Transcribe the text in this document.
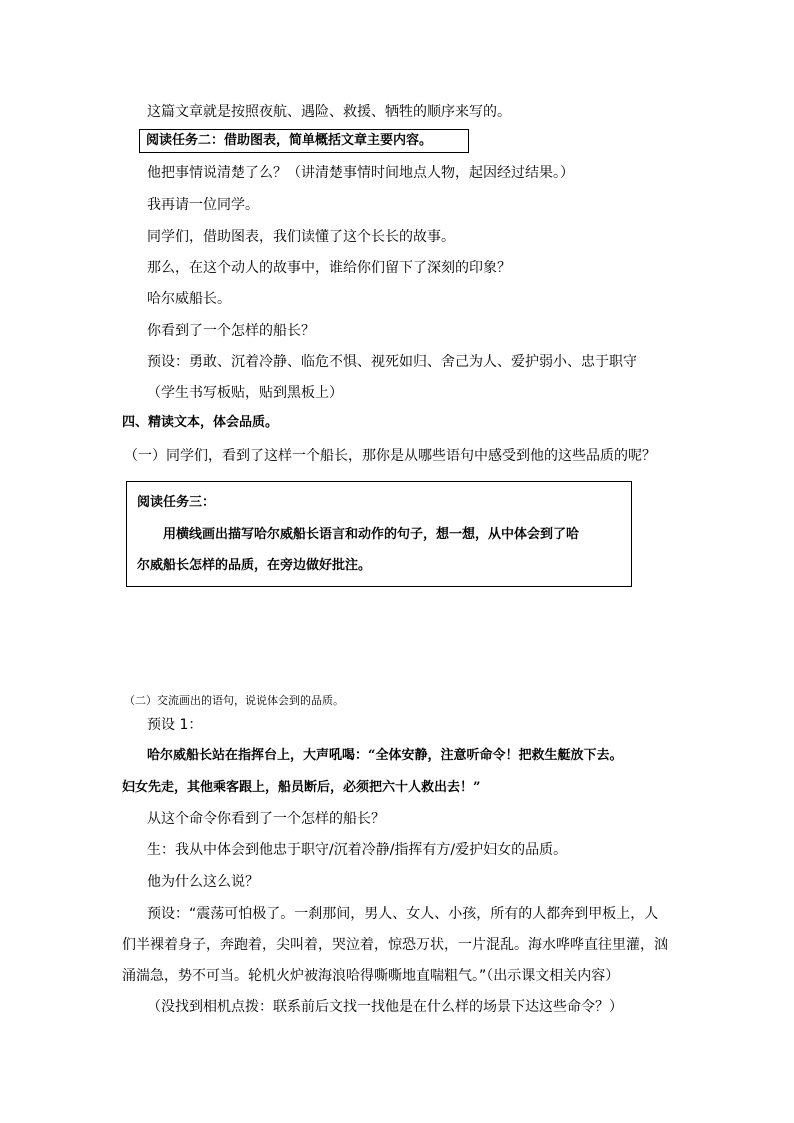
这篇文章就是按照夜航、遇险、救援、牺牲的顺序来写的。
阅读任务二：借助图表，简单概括文章主要内容。
他把事情说清楚了么？（讲清楚事情时间地点人物，起因经过结果。）
我再请一位同学。
同学们，借助图表，我们读懂了这个长长的故事。
那么，在这个动人的故事中，谁给你们留下了深刻的印象？
哈尔威船长。
你看到了一个怎样的船长？
预设：勇敢、沉着冷静、临危不惧、视死如归、舍己为人、爱护弱小、忠于职守
（学生书写板贴，贴到黑板上）
四、精读文本，体会品质。
（一）同学们，看到了这样一个船长，那你是从哪些语句中感受到他的这些品质的呢？
阅读任务三：
用横线画出描写哈尔威船长语言和动作的句子，想一想，从中体会到了哈
尔威船长怎样的品质，在旁边做好批注。
（二）交流画出的语句，说说体会到的品质。
预设 1：
哈尔威船长站在指挥台上，大声吼喝：“全体安静，注意听命令！把救生艇放下去。
妇女先走，其他乘客跟上，船员断后，必须把六十人救出去！”
从这个命令你看到了一个怎样的船长？
生：我从中体会到他忠于职守/沉着冷静/指挥有方/爱护妇女的品质。
他为什么这么说？
预设：“震荡可怕极了。一刹那间，男人、女人、小孩，所有的人都奔到甲板上，人
们半裸着身子，奔跑着，尖叫着，哭泣着，惊恐万状，一片混乱。海水哗哗直往里灌，汹
涌湍急，势不可当。轮机火炉被海浪哈得嘶嘶地直喘粗气。”（出示课文相关内容）
（没找到相机点拨：联系前后文找一找他是在什么样的场景下达这些命令？）
